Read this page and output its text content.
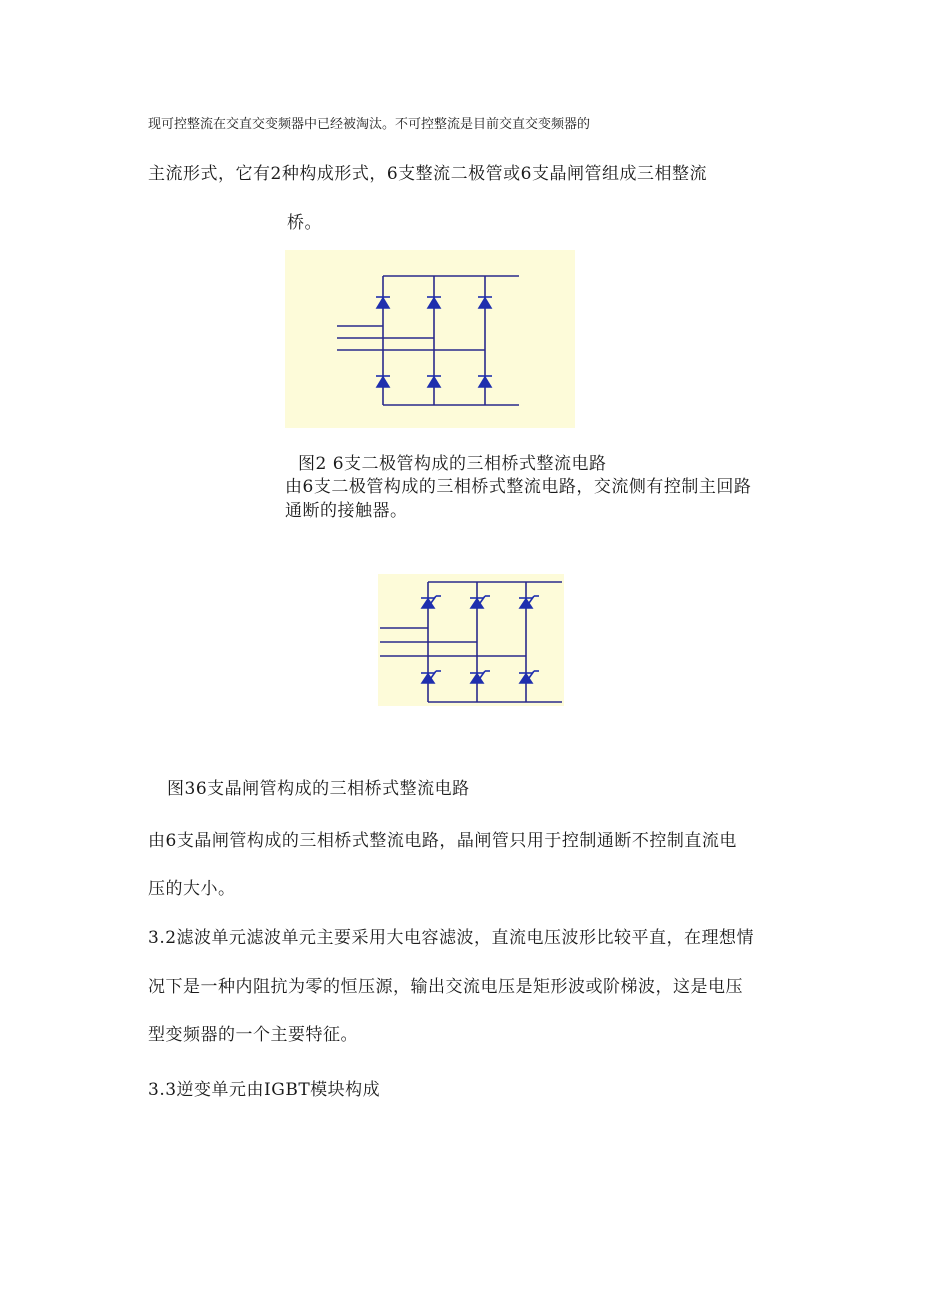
现可控整流在交直交变频器中已经被淘汰。不可控整流是目前交直交变频器的

主流形式，它有2种构成形式，6支整流二极管或6支晶闸管组成三相整流

桥。

图2 6支二极管构成的三相桥式整流电路

由6支二极管构成的三相桥式整流电路，交流侧有控制主回路

通断的接触器。

图36支晶闸管构成的三相桥式整流电路

由6支晶闸管构成的三相桥式整流电路，晶闸管只用于控制通断不控制直流电

压的大小。

3.2滤波单元滤波单元主要采用大电容滤波，直流电压波形比较平直，在理想情

况下是一种内阻抗为零的恒压源，输出交流电压是矩形波或阶梯波，这是电压

型变频器的一个主要特征。

3.3逆变单元由IGBT模块构成
